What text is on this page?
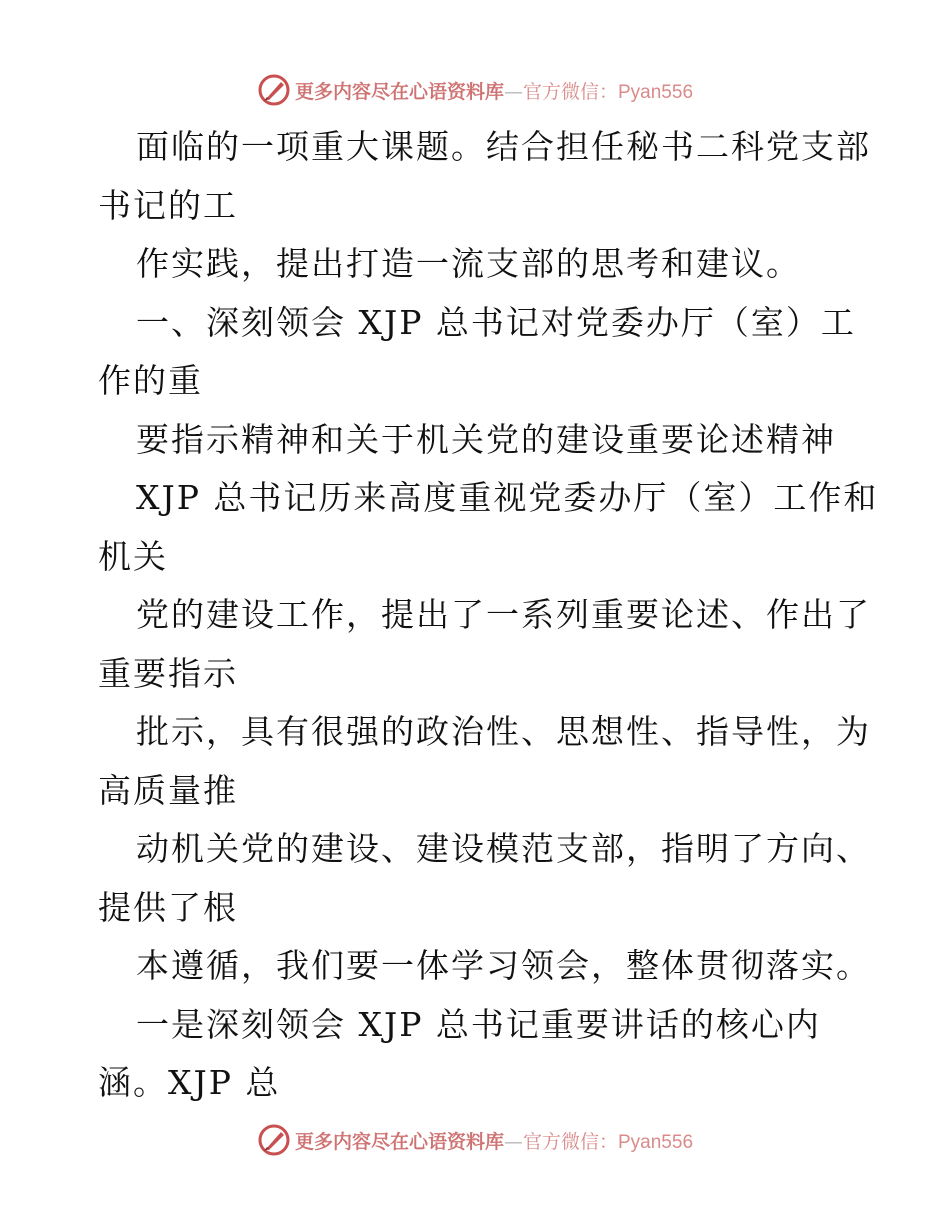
更多内容尽在心语资料库—官方微信：Pyan556
面临的一项重大课题。结合担任秘书二科党支部
书记的工
作实践，提出打造一流支部的思考和建议。
一、深刻领会 XJP 总书记对党委办厅（室）工
作的重
要指示精神和关于机关党的建设重要论述精神
XJP 总书记历来高度重视党委办厅（室）工作和
机关
党的建设工作，提出了一系列重要论述、作出了
重要指示
批示，具有很强的政治性、思想性、指导性，为
高质量推
动机关党的建设、建设模范支部，指明了方向、
提供了根
本遵循，我们要一体学习领会，整体贯彻落实。
一是深刻领会 XJP 总书记重要讲话的核心内
涵。XJP 总
更多内容尽在心语资料库—官方微信：Pyan556
